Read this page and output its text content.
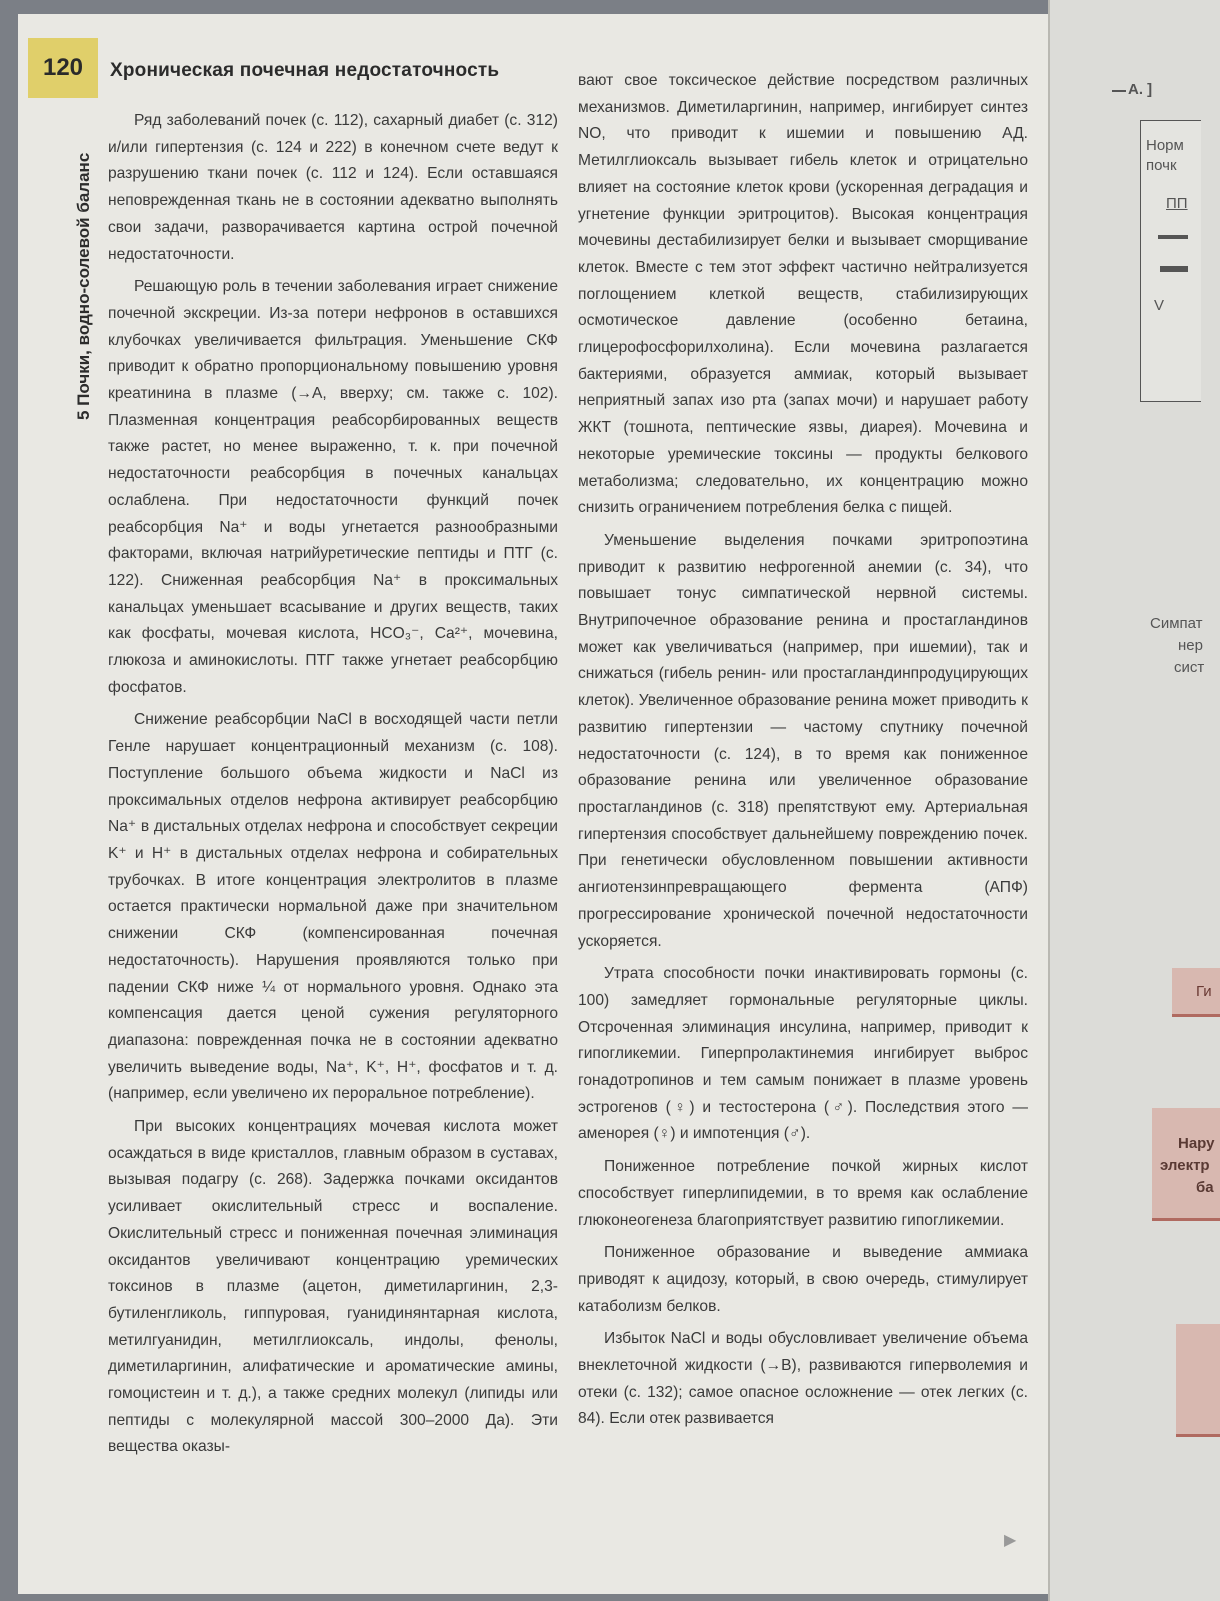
120	Хроническая почечная недостаточность
5 Почки, водно-солевой баланс

Ряд заболеваний почек (с. 112), сахарный диабет (с. 312) и/или гипертензия (с. 124 и 222) в конечном счете ведут к разрушению ткани почек (с. 112 и 124). Если оставшаяся неповрежденная ткань не в состоянии адекватно выполнять свои задачи, разворачивается картина острой почечной недостаточности.

Решающую роль в течении заболевания играет снижение почечной экскреции. Из-за потери нефронов в оставшихся клубочках увеличивается фильтрация. Уменьшение СКФ приводит к обратно пропорциональному повышению уровня креатинина в плазме (→A, вверху; см. также с. 102). Плазменная концентрация реабсорбированных веществ также растет, но менее выраженно, т. к. при почечной недостаточности реабсорбция в почечных канальцах ослаблена. При недостаточности функций почек реабсорбция Na⁺ и воды угнетается разнообразными факторами, включая натрийуретические пептиды и ПТГ (с. 122). Сниженная реабсорбция Na⁺ в проксимальных канальцах уменьшает всасывание и других веществ, таких как фосфаты, мочевая кислота, HCO₃⁻, Ca²⁺, мочевина, глюкоза и аминокислоты. ПТГ также угнетает реабсорбцию фосфатов.

Снижение реабсорбции NaCl в восходящей части петли Генле нарушает концентрационный механизм (с. 108). Поступление большого объема жидкости и NaCl из проксимальных отделов нефрона активирует реабсорбцию Na⁺ в дистальных отделах нефрона и способствует секреции K⁺ и H⁺ в дистальных отделах нефрона и собирательных трубочках. В итоге концентрация электролитов в плазме остается практически нормальной даже при значительном снижении СКФ (компенсированная почечная недостаточность). Нарушения проявляются только при падении СКФ ниже ¼ от нормального уровня. Однако эта компенсация дается ценой сужения регуляторного диапазона: поврежденная почка не в состоянии адекватно увеличить выведение воды, Na⁺, K⁺, H⁺, фосфатов и т. д. (например, если увеличено их пероральное потребление).

При высоких концентрациях мочевая кислота может осаждаться в виде кристаллов, главным образом в суставах, вызывая подагру (с. 268). Задержка почками оксидантов усиливает окислительный стресс и воспаление. Окислительный стресс и пониженная почечная элиминация оксидантов увеличивают концентрацию уремических токсинов в плазме (ацетон, диметиларгинин, 2,3-бутиленгликоль, гиппуровая, гуанидинянтарная кислота, метилгуанидин, метилглиоксаль, индолы, фенолы, диметиларгинин, алифатические и ароматические амины, гомоцистеин и т. д.), а также средних молекул (липиды или пептиды с молекулярной массой 300–2000 Да). Эти вещества оказы-

вают свое токсическое действие посредством различных механизмов. Диметиларгинин, например, ингибирует синтез NO, что приводит к ишемии и повышению АД. Метилглиоксаль вызывает гибель клеток и отрицательно влияет на состояние клеток крови (ускоренная деградация и угнетение функции эритроцитов). Высокая концентрация мочевины дестабилизирует белки и вызывает сморщивание клеток. Вместе с тем этот эффект частично нейтрализуется поглощением клеткой веществ, стабилизирующих осмотическое давление (особенно бетаина, глицерофосфорилхолина). Если мочевина разлагается бактериями, образуется аммиак, который вызывает неприятный запах изо рта (запах мочи) и нарушает работу ЖКТ (тошнота, пептические язвы, диарея). Мочевина и некоторые уремические токсины — продукты белкового метаболизма; следовательно, их концентрацию можно снизить ограничением потребления белка с пищей.

Уменьшение выделения почками эритропоэтина приводит к развитию нефрогенной анемии (с. 34), что повышает тонус симпатической нервной системы. Внутрипочечное образование ренина и простагландинов может как увеличиваться (например, при ишемии), так и снижаться (гибель ренин- или простагландинпродуцирующих клеток). Увеличенное образование ренина может приводить к развитию гипертензии — частому спутнику почечной недостаточности (с. 124), в то время как пониженное образование ренина или увеличенное образование простагландинов (с. 318) препятствуют ему. Артериальная гипертензия способствует дальнейшему повреждению почек. При генетически обусловленном повышении активности ангиотензинпревращающего фермента (АПФ) прогрессирование хронической почечной недостаточности ускоряется.

Утрата способности почки инактивировать гормоны (с. 100) замедляет гормональные регуляторные циклы. Отсроченная элиминация инсулина, например, приводит к гипогликемии. Гиперпролактинемия ингибирует выброс гонадотропинов и тем самым понижает в плазме уровень эстрогенов (♀) и тестостерона (♂). Последствия этого — аменорея (♀) и импотенция (♂).

Пониженное потребление почкой жирных кислот способствует гиперлипидемии, в то время как ослабление глюконеогенеза благоприятствует развитию гипогликемии.

Пониженное образование и выведение аммиака приводят к ацидозу, который, в свою очередь, стимулирует катаболизм белков.

Избыток NaCl и воды обусловливает увеличение объема внеклеточной жидкости (→B), развиваются гиперволемия и отеки (с. 132); самое опасное осложнение — отек легких (с. 84). Если отек развивается

▶
A. ]
Норм
почк
ПП
V
Симпат
нер
сист
Ги
Нару
электр
ба
